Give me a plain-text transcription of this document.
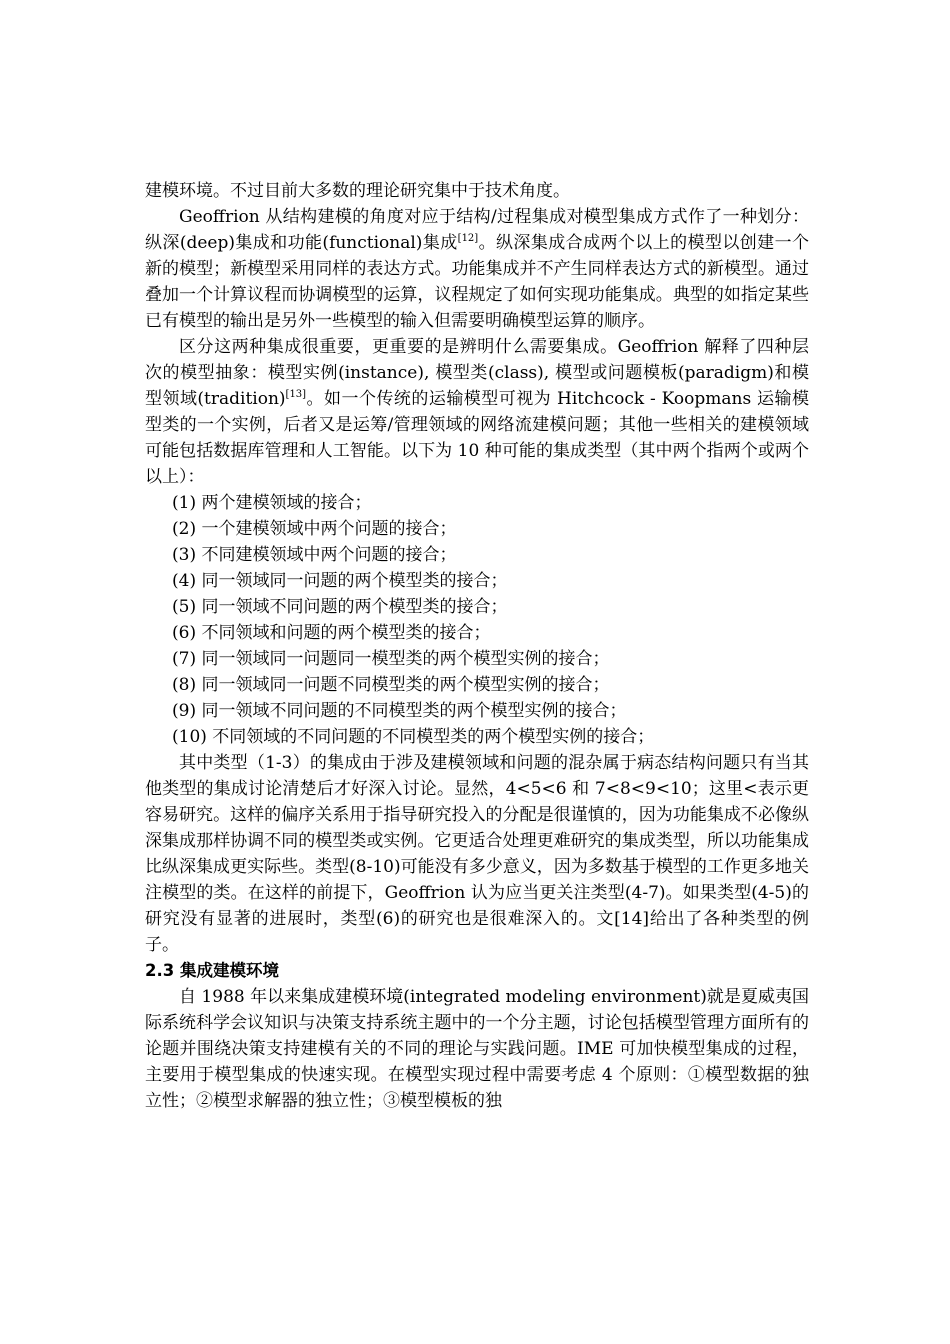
建模环境。不过目前大多数的理论研究集中于技术角度。

Geoffrion 从结构建模的角度对应于结构/过程集成对模型集成方式作了一种划分：纵深(deep)集成和功能(functional)集成[12]。纵深集成合成两个以上的模型以创建一个新的模型；新模型采用同样的表达方式。功能集成并不产生同样表达方式的新模型。通过叠加一个计算议程而协调模型的运算，议程规定了如何实现功能集成。典型的如指定某些已有模型的输出是另外一些模型的输入但需要明确模型运算的顺序。

区分这两种集成很重要，更重要的是辨明什么需要集成。Geoffrion 解释了四种层次的模型抽象：模型实例(instance), 模型类(class), 模型或问题模板(paradigm)和模型领域(tradition)[13]。如一个传统的运输模型可视为 Hitchcock - Koopmans 运输模型类的一个实例，后者又是运筹/管理领域的网络流建模问题；其他一些相关的建模领域可能包括数据库管理和人工智能。以下为 10 种可能的集成类型（其中两个指两个或两个以上）：

(1) 两个建模领域的接合；

(2) 一个建模领域中两个问题的接合；

(3) 不同建模领域中两个问题的接合；

(4) 同一领域同一问题的两个模型类的接合；

(5) 同一领域不同问题的两个模型类的接合；

(6) 不同领域和问题的两个模型类的接合；

(7) 同一领域同一问题同一模型类的两个模型实例的接合；

(8) 同一领域同一问题不同模型类的两个模型实例的接合；

(9) 同一领域不同问题的不同模型类的两个模型实例的接合；

(10) 不同领域的不同问题的不同模型类的两个模型实例的接合；

其中类型（1-3）的集成由于涉及建模领域和问题的混杂属于病态结构问题只有当其他类型的集成讨论清楚后才好深入讨论。显然，4<5<6 和 7<8<9<10；这里<表示更容易研究。这样的偏序关系用于指导研究投入的分配是很谨慎的，因为功能集成不必像纵深集成那样协调不同的模型类或实例。它更适合处理更难研究的集成类型，所以功能集成比纵深集成更实际些。类型(8-10)可能没有多少意义，因为多数基于模型的工作更多地关注模型的类。在这样的前提下，Geoffrion 认为应当更关注类型(4-7)。如果类型(4-5)的研究没有显著的进展时，类型(6)的研究也是很难深入的。文[14]给出了各种类型的例子。

2.3 集成建模环境

自 1988 年以来集成建模环境(integrated modeling environment)就是夏威夷国际系统科学会议知识与决策支持系统主题中的一个分主题，讨论包括模型管理方面所有的论题并围绕决策支持建模有关的不同的理论与实践问题。IME 可加快模型集成的过程，主要用于模型集成的快速实现。在模型实现过程中需要考虑 4 个原则：①模型数据的独立性；②模型求解器的独立性；③模型模板的独
